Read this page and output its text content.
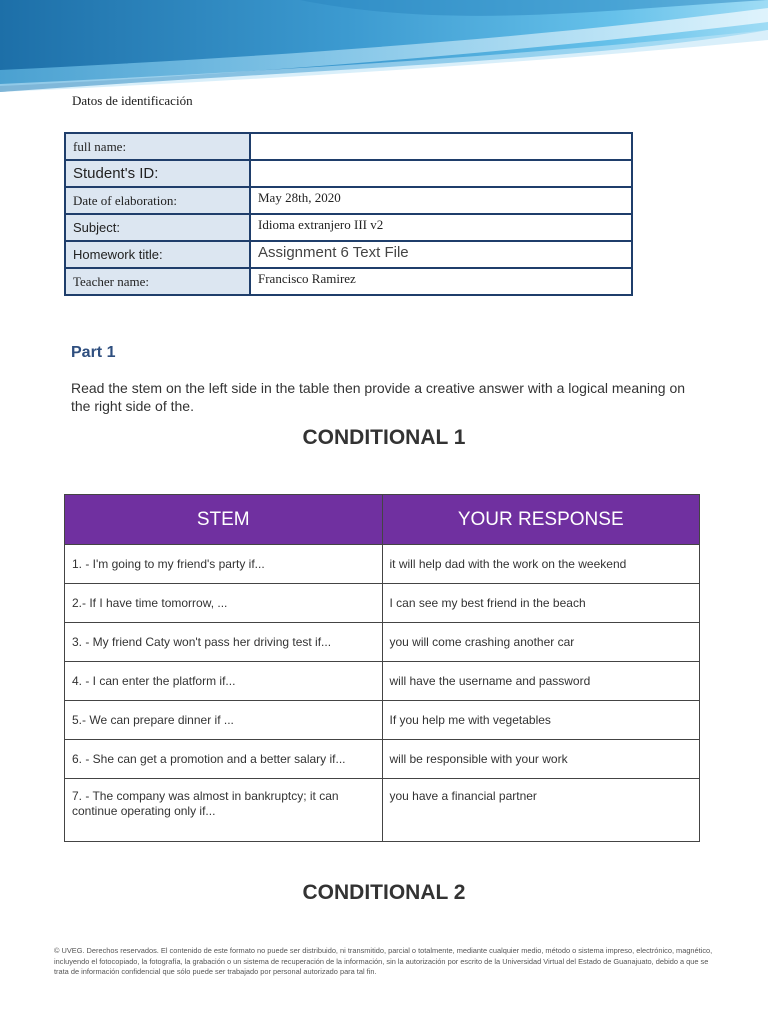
Datos de identificación
full name:	
Student's ID:	
Date of elaboration:	May 28th, 2020
Subject:	Idioma extranjero III v2
Homework title:	Assignment 6 Text File
Teacher name:	Francisco Ramirez
Part 1
Read the stem on the left side in the table then provide a creative answer with a logical meaning on the right side of the.
CONDITIONAL 1
STEM	YOUR RESPONSE
1. - I'm going to my friend's party if...	it will help dad with the work on the weekend
2.- If I have time tomorrow, ...	I can see my best friend in the beach
3. - My friend Caty won't pass her driving test if...	you will come crashing another car
4. - I can enter the platform if...	will have the username and password
5.- We can prepare dinner if ...	If you help me with vegetables
6. - She can get a promotion and a better salary if...	will be responsible with your work
7. - The company was almost in bankruptcy; it can continue operating only if...	you have a financial partner
CONDITIONAL 2
© UVEG. Derechos reservados. El contenido de este formato no puede ser distribuido, ni transmitido, parcial o totalmente, mediante cualquier medio, método o sistema impreso, electrónico, magnético, incluyendo el fotocopiado, la fotografía, la grabación o un sistema de recuperación de la información, sin la autorización por escrito de la Universidad Virtual del Estado de Guanajuato, debido a que se trata de información confidencial que sólo puede ser trabajado por personal autorizado para tal fin.
